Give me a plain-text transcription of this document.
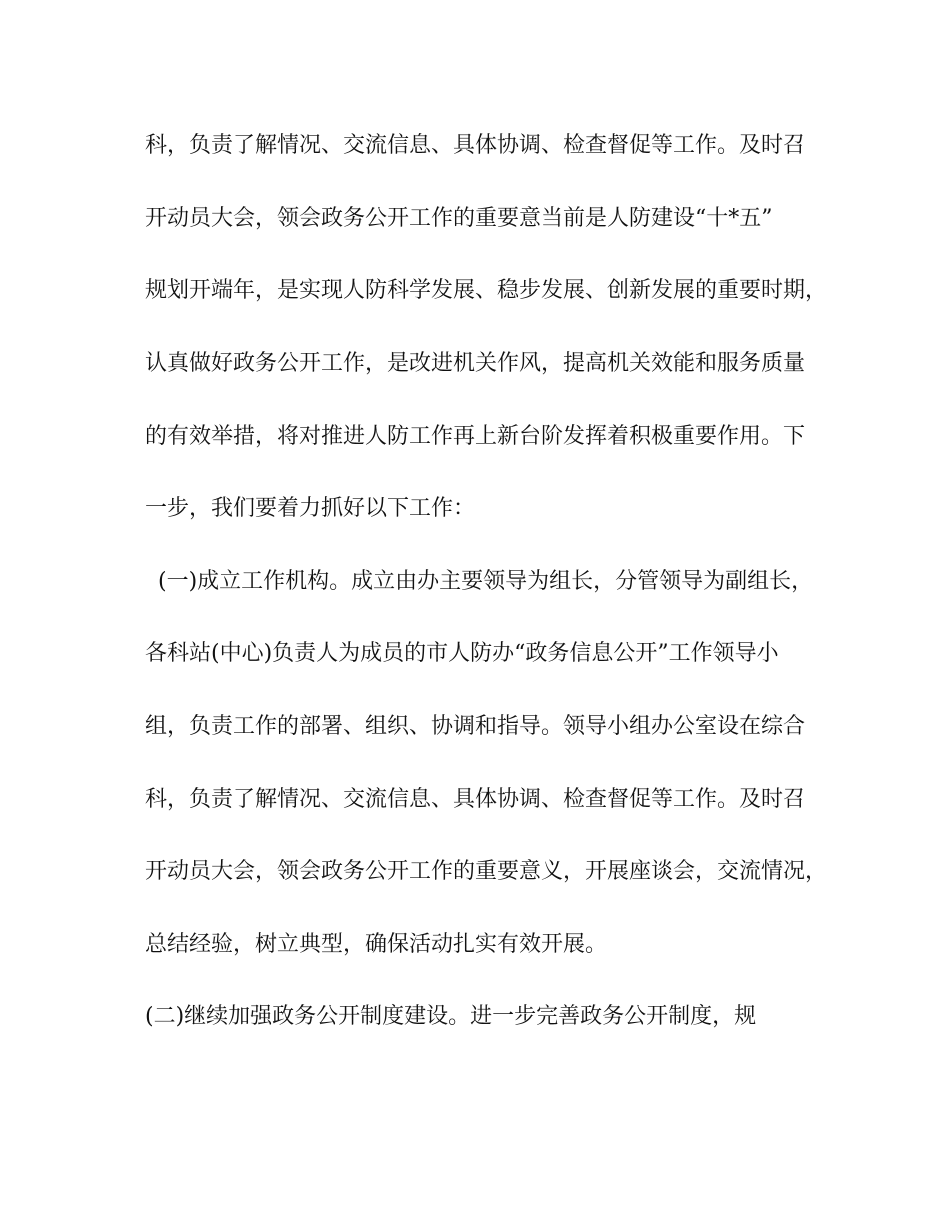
科，负责了解情况、交流信息、具体协调、检查督促等工作。及时召
开动员大会，领会政务公开工作的重要意当前是人防建设“十*五”
规划开端年，是实现人防科学发展、稳步发展、创新发展的重要时期，
认真做好政务公开工作，是改进机关作风，提高机关效能和服务质量
的有效举措，将对推进人防工作再上新台阶发挥着积极重要作用。下
一步，我们要着力抓好以下工作：
(一)成立工作机构。成立由办主要领导为组长，分管领导为副组长，
各科站(中心)负责人为成员的市人防办“政务信息公开”工作领导小
组，负责工作的部署、组织、协调和指导。领导小组办公室设在综合
科，负责了解情况、交流信息、具体协调、检查督促等工作。及时召
开动员大会，领会政务公开工作的重要意义，开展座谈会，交流情况，
总结经验，树立典型，确保活动扎实有效开展。
(二)继续加强政务公开制度建设。进一步完善政务公开制度，规
